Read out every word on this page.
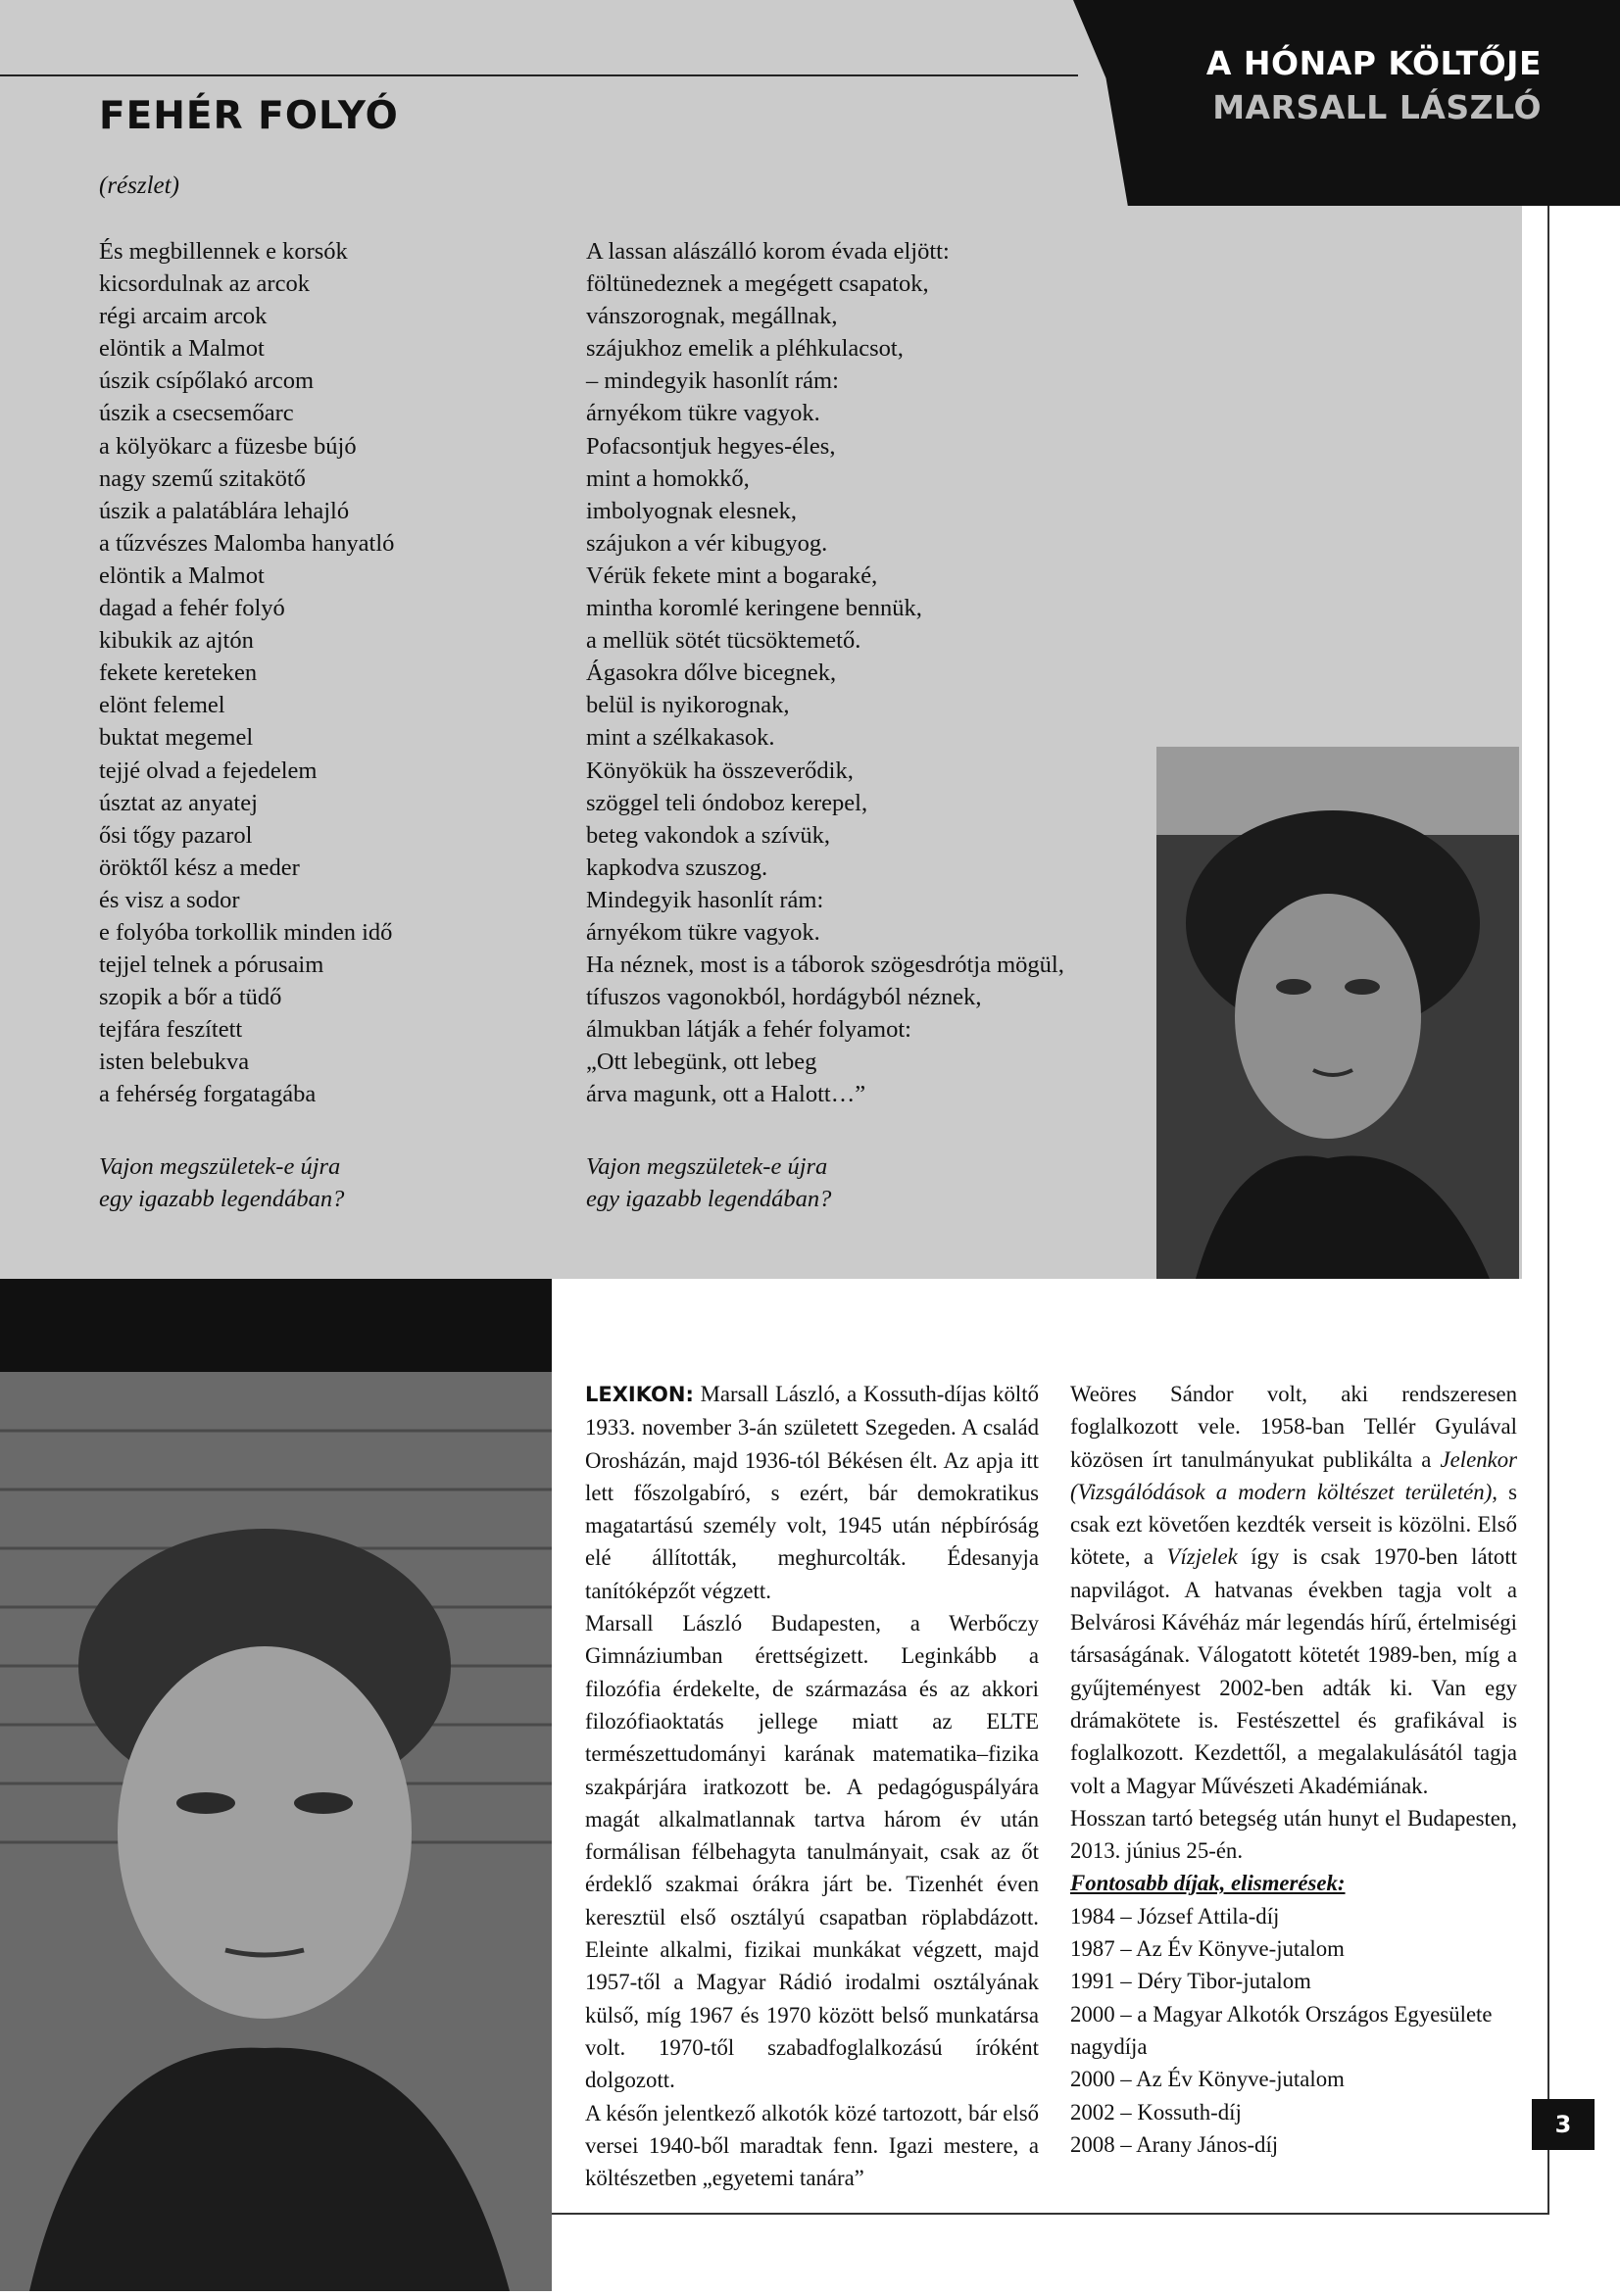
A HÓNAP KÖLTŐJE
MARSALL LÁSZLÓ
FEHÉR FOLYÓ
(részlet)
És megbillennek e korsók
kicsordulnak az arcok
régi arcaim arcok
elöntik a Malmot
úszik csípőlakó arcom
úszik a csecsemőarc
a kölyökarc a füzesbe bújó
nagy szemű szitakötő
úszik a palatáblára lehajló
a tűzvészes Malomba hanyatló
elöntik a Malmot
dagad a fehér folyó
kibukik az ajtón
fekete kereteken
elönt felemel
buktat megemel
tejjé olvad a fejedelem
úsztat az anyatej
ősi tőgy pazarol
öröktől kész a meder
és visz a sodor
e folyóba torkollik minden idő
tejjel telnek a pórusaim
szopik a bőr a tüdő
tejfára feszített
isten belebukva
a fehérség forgatagába
A lassan alászálló korom évada eljött:
föltünedeznek a megégett csapatok,
vánszorognak, megállnak,
szájukhoz emelik a pléhkulacsot,
– mindegyik hasonlít rám:
árnyékom tükre vagyok.
Pofacsontjuk hegyes-éles,
mint a homokkő,
imbolyognak elesnek,
szájukon a vér kibugyog.
Vérük fekete mint a bogaraké,
mintha koromlé keringene bennük,
a mellük sötét tücsöktemető.
Ágasokra dőlve bicegnek,
belül is nyikorognak,
mint a szélkakasok.
Könyökük ha összeverődik,
szöggel teli óndoboz kerepel,
beteg vakondok a szívük,
kapkodva szuszog.
Mindegyik hasonlít rám:
árnyékom tükre vagyok.
Ha néznek, most is a táborok szögesdrótja mögül,
tífuszos vagonokból, hordágyból néznek,
álmukban látják a fehér folyamot:
„Ott lebegünk, ott lebeg
árva magunk, ott a Halott…”
Vajon megszületek-e újra
egy igazabb legendában?
Vajon megszületek-e újra
egy igazabb legendában?

LEXIKON: Marsall László, a Kossuth-díjas költő 1933. november 3-án született Szegeden. A család Orosházán, majd 1936-tól Békésen élt. Az apja itt lett főszolgabíró, s ezért, bár demokratikus magatartású személy volt, 1945 után népbíróság elé állították, meghurcolták. Édesanyja tanítóképzőt végzett.

Marsall László Budapesten, a Werbőczy Gimnáziumban érettségizett. Leginkább a filozófia érdekelte, de származása és az akkori filozófiaoktatás jellege miatt az ELTE természettudományi karának matematika–fizika szakpárjára iratkozott be. A pedagóguspályára magát alkalmatlannak tartva három év után formálisan félbehagyta tanulmányait, csak az őt érdeklő szakmai órákra járt be. Tizenhét éven keresztül első osztályú csapatban röplabdázott. Eleinte alkalmi, fizikai munkákat végzett, majd 1957-től a Magyar Rádió irodalmi osztályának külső, míg 1967 és 1970 között belső munkatársa volt. 1970-től szabadfoglalkozású íróként dolgozott.

A későn jelentkező alkotók közé tartozott, bár első versei 1940-ből maradtak fenn. Igazi mestere, a költészetben „egyetemi tanára”

Weöres Sándor volt, aki rendszeresen foglalkozott vele. 1958-ban Tellér Gyulával közösen írt tanulmányukat publikálta a Jelenkor (Vizsgálódások a modern költészet területén), s csak ezt követően kezdték verseit is közölni. Első kötete, a Vízjelek így is csak 1970-ben látott napvilágot. A hatvanas években tagja volt a Belvárosi Kávéház már legendás hírű, értelmiségi társaságának. Válogatott kötetét 1989-ben, míg a gyűjteményest 2002-ben adták ki. Van egy drámakötete is. Festészettel és grafikával is foglalkozott. Kezdettől, a megalakulásától tagja volt a Magyar Művészeti Akadémiának.

Hosszan tartó betegség után hunyt el Budapesten, 2013. június 25-én.

Fontosabb díjak, elismerések:
1984 – József Attila-díj
1987 – Az Év Könyve-jutalom
1991 – Déry Tibor-jutalom
2000 – a Magyar Alkotók Országos Egyesülete nagydíja
2000 – Az Év Könyve-jutalom
2002 – Kossuth-díj
2008 – Arany János-díj
3
